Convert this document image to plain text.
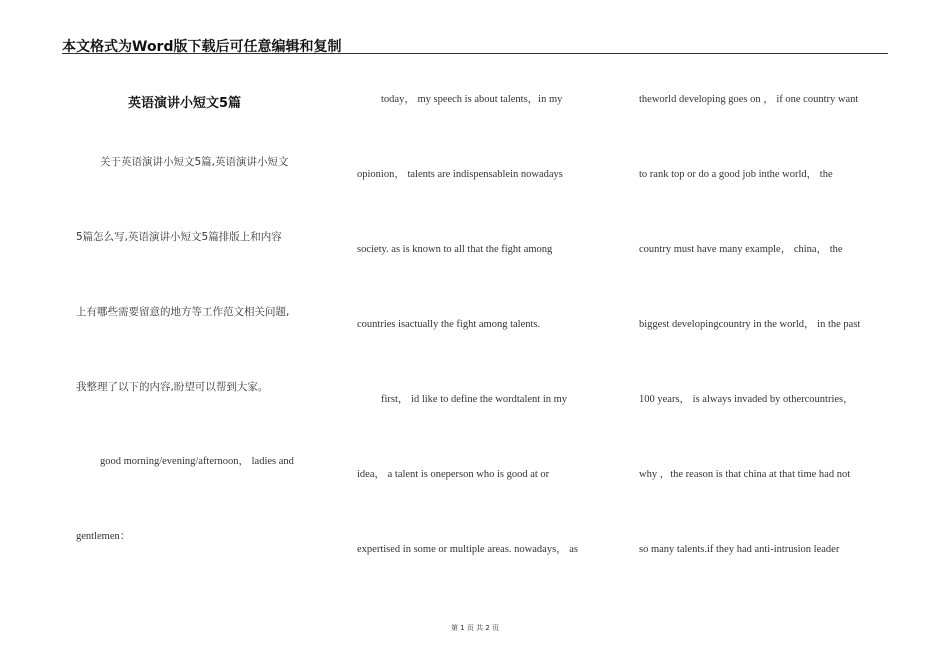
本文格式为Word版下载后可任意编辑和复制
英语演讲小短文5篇
关于英语演讲小短文5篇,英语演讲小短文
5篇怎么写,英语演讲小短文5篇排版上和内容
上有哪些需要留意的地方等工作范文相关问题,
我整理了以下的内容,盼望可以帮到大家。
good morning/evening/afternoon， ladies and
gentlemen：
today， my speech is about talents，in my
opionion， talents are indispensablein nowadays
society. as is known to all that the fight among
countries isactually the fight among talents.
first， id like to define the wordtalent in my
idea， a talent is oneperson who is good at or
expertised in some or multiple areas. nowadays， as
theworld developing goes on ， if one country want
to rank top or do a good job inthe world， the
country must have many example， china， the
biggest developingcountry in the world， in the past
100 years， is always invaded by othercountries，
why ，the reason is that china at that time had not
so many talents.if they had anti-intrusion leader
第 1 页 共 2 页
